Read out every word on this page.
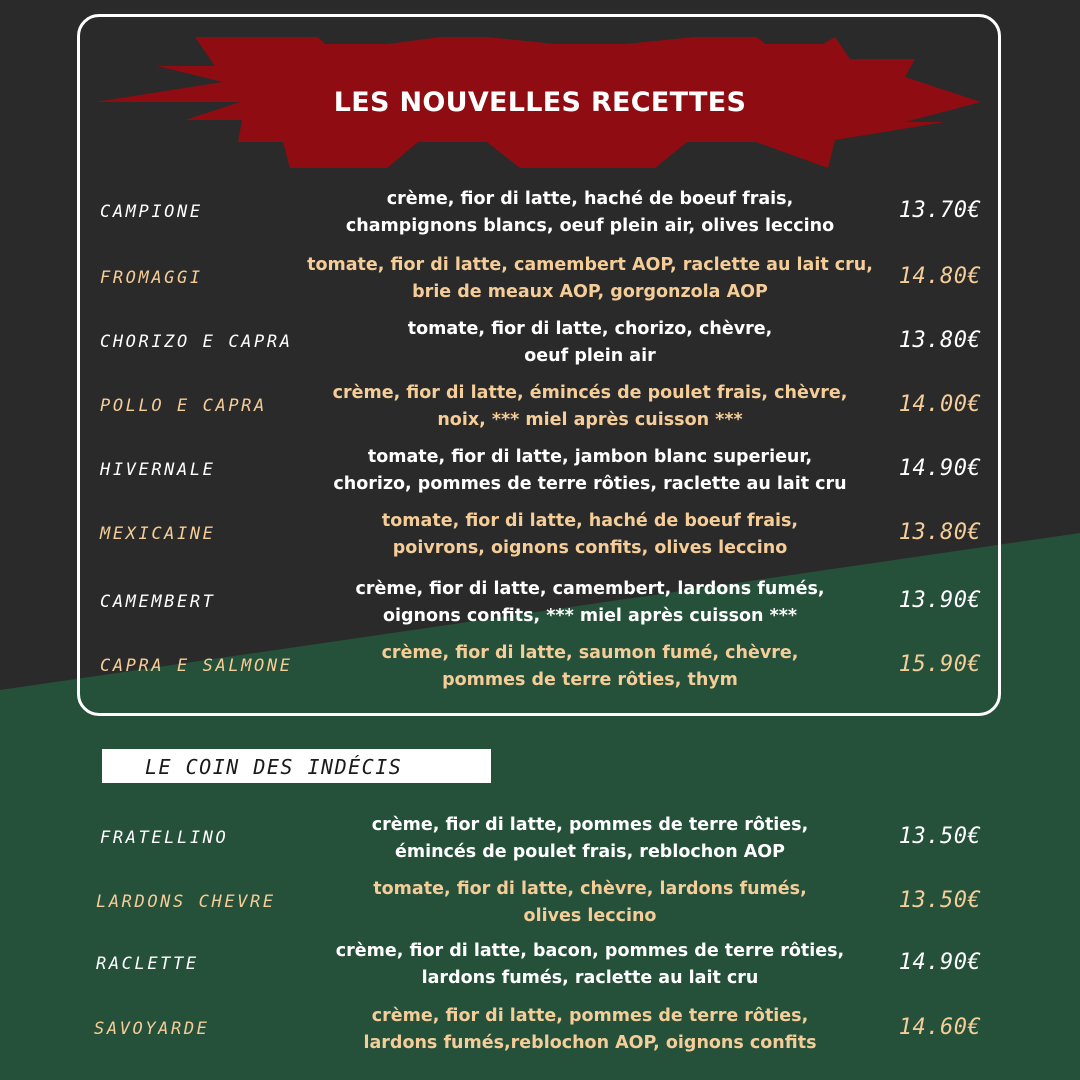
LES NOUVELLES RECETTES
CAMPIONE
crème, fior di latte, haché de boeuf frais,
champignons blancs, oeuf plein air, olives leccino
13.70€
FROMAGGI
tomate, fior di latte, camembert AOP, raclette au lait cru,
brie de meaux AOP, gorgonzola AOP
14.80€
CHORIZO E CAPRA
tomate, fior di latte, chorizo, chèvre,
oeuf plein air
13.80€
POLLO E CAPRA
crème, fior di latte, émincés de poulet frais, chèvre,
noix, *** miel après cuisson ***
14.00€
HIVERNALE
tomate, fior di latte, jambon blanc superieur,
chorizo, pommes de terre rôties, raclette au lait cru
14.90€
MEXICAINE
tomate, fior di latte, haché de boeuf frais,
poivrons, oignons confits, olives leccino
13.80€
CAMEMBERT
crème, fior di latte, camembert, lardons fumés,
oignons confits, *** miel après cuisson ***
13.90€
CAPRA E SALMONE
crème, fior di latte, saumon fumé, chèvre,
pommes de terre rôties, thym
15.90€
LE COIN DES INDÉCIS
FRATELLINO
crème, fior di latte, pommes de terre rôties,
émincés de poulet frais, reblochon AOP
13.50€
LARDONS CHEVRE
tomate, fior di latte, chèvre, lardons fumés,
olives leccino
13.50€
RACLETTE
crème, fior di latte, bacon, pommes de terre rôties,
lardons fumés, raclette au lait cru
14.90€
SAVOYARDE
crème, fior di latte, pommes de terre rôties,
lardons fumés,reblochon AOP, oignons confits
14.60€
